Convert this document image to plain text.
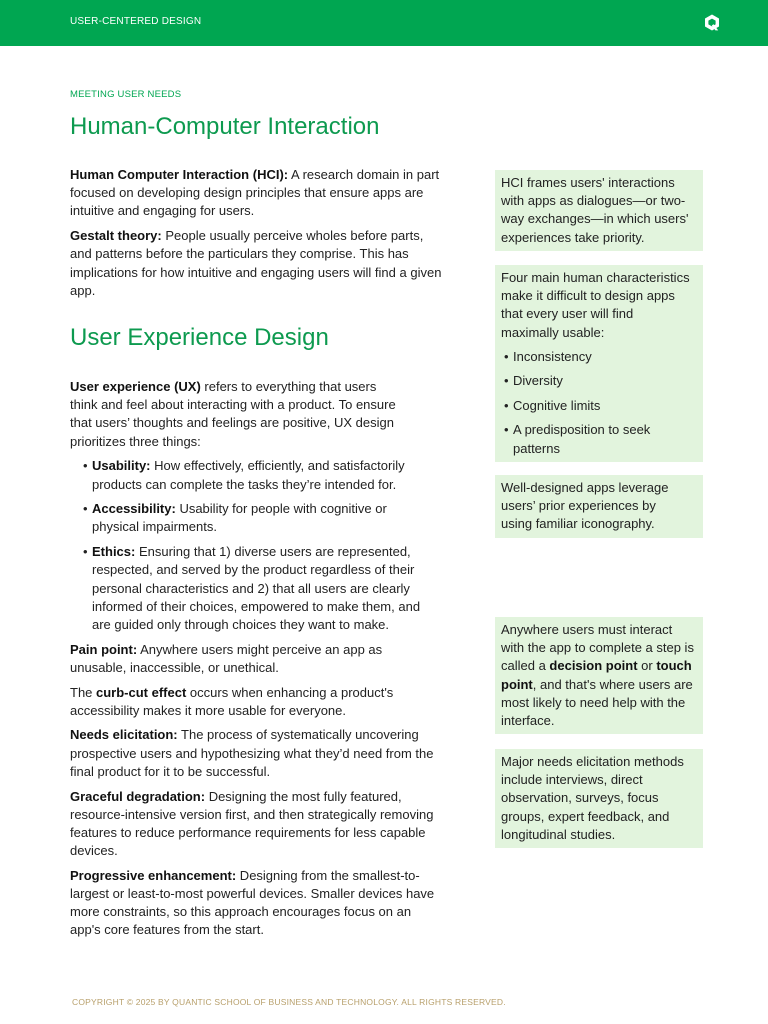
USER-CENTERED DESIGN
MEETING USER NEEDS
Human-Computer Interaction

Human Computer Interaction (HCI): A research domain in part focused on developing design principles that ensure apps are intuitive and engaging for users.

Gestalt theory: People usually perceive wholes before parts, and patterns before the particulars they comprise. This has implications for how intuitive and engaging users will find a given app.

User Experience Design

User experience (UX) refers to everything that users think and feel about interacting with a product. To ensure that users’ thoughts and feelings are positive, UX design prioritizes three things:

• Usability: How effectively, efficiently, and satisfactorily products can complete the tasks they’re intended for.
• Accessibility: Usability for people with cognitive or physical impairments.
• Ethics: Ensuring that 1) diverse users are represented, respected, and served by the product regardless of their personal characteristics and 2) that all users are clearly informed of their choices, empowered to make them, and are guided only through choices they want to make.

Pain point: Anywhere users might perceive an app as unusable, inaccessible, or unethical.

The curb-cut effect occurs when enhancing a product's accessibility makes it more usable for everyone.

Needs elicitation: The process of systematically uncovering prospective users and hypothesizing what they’d need from the final product for it to be successful.

Graceful degradation: Designing the most fully featured, resource-intensive version first, and then strategically removing features to reduce performance requirements for less capable devices.

Progressive enhancement: Designing from the smallest-to-largest or least-to-most powerful devices. Smaller devices have more constraints, so this approach encourages focus on an app's core features from the start.

HCI frames users' interactions with apps as dialogues—or two-way exchanges—in which users' experiences take priority.
Four main human characteristics make it difficult to design apps that every user will find maximally usable:
• Inconsistency
• Diversity
• Cognitive limits
• A predisposition to seek patterns
Well-designed apps leverage users’ prior experiences by using familiar iconography.
Anywhere users must interact with the app to complete a step is called a decision point or touch point, and that's where users are most likely to need help with the interface.
Major needs elicitation methods include interviews, direct observation, surveys, focus groups, expert feedback, and longitudinal studies.
COPYRIGHT © 2025 BY QUANTIC SCHOOL OF BUSINESS AND TECHNOLOGY. ALL RIGHTS RESERVED.
